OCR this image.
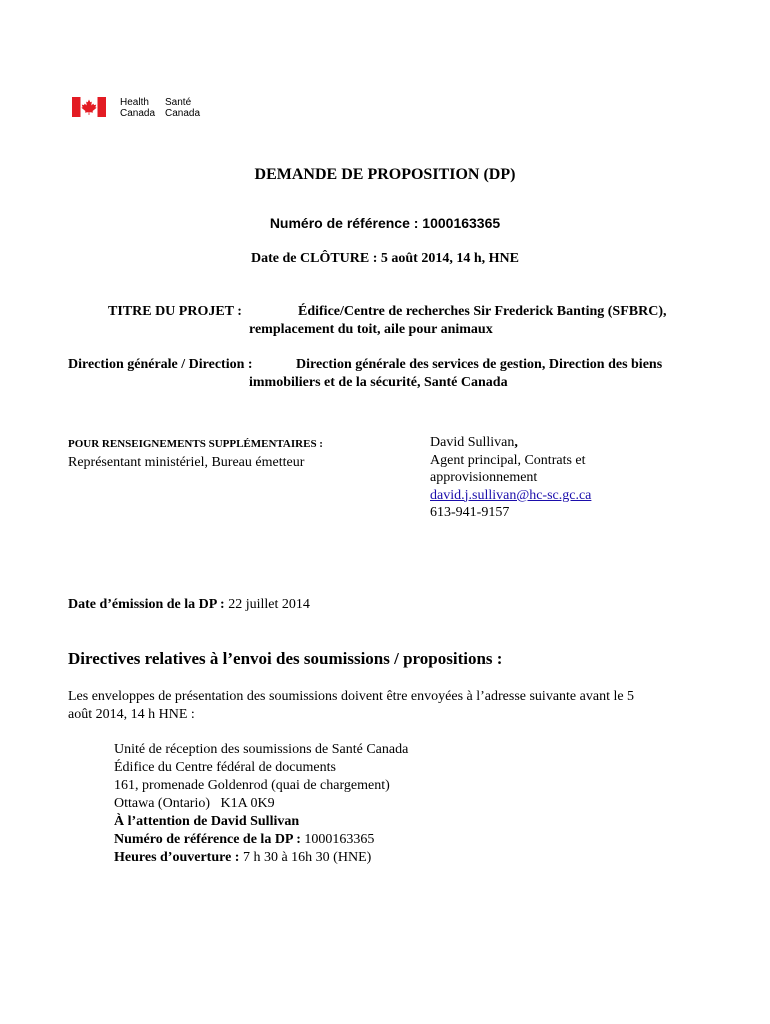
Health
Canada
Santé
Canada
DEMANDE DE PROPOSITION (DP)
Numéro de référence : 1000163365
Date de CLÔTURE : 5 août 2014, 14 h, HNE
TITRE DU PROJET :	Édifice/Centre de recherches Sir Frederick Banting (SFBRC),
remplacement du toit, aile pour animaux
Direction générale / Direction :	Direction générale des services de gestion, Direction des biens
immobiliers et de la sécurité, Santé Canada
POUR RENSEIGNEMENTS SUPPLÉMENTAIRES :
Représentant ministériel, Bureau émetteur
David Sullivan,
Agent principal, Contrats et
approvisionnement
david.j.sullivan@hc-sc.gc.ca
613-941-9157
Date d’émission de la DP : 22 juillet 2014
Directives relatives à l’envoi des soumissions / propositions :
Les enveloppes de présentation des soumissions doivent être envoyées à l’adresse suivante avant le 5
août 2014, 14 h HNE :
Unité de réception des soumissions de Santé Canada
Édifice du Centre fédéral de documents
161, promenade Goldenrod (quai de chargement)
Ottawa (Ontario)   K1A 0K9
À l’attention de David Sullivan
Numéro de référence de la DP : 1000163365
Heures d’ouverture : 7 h 30 à 16h 30 (HNE)
